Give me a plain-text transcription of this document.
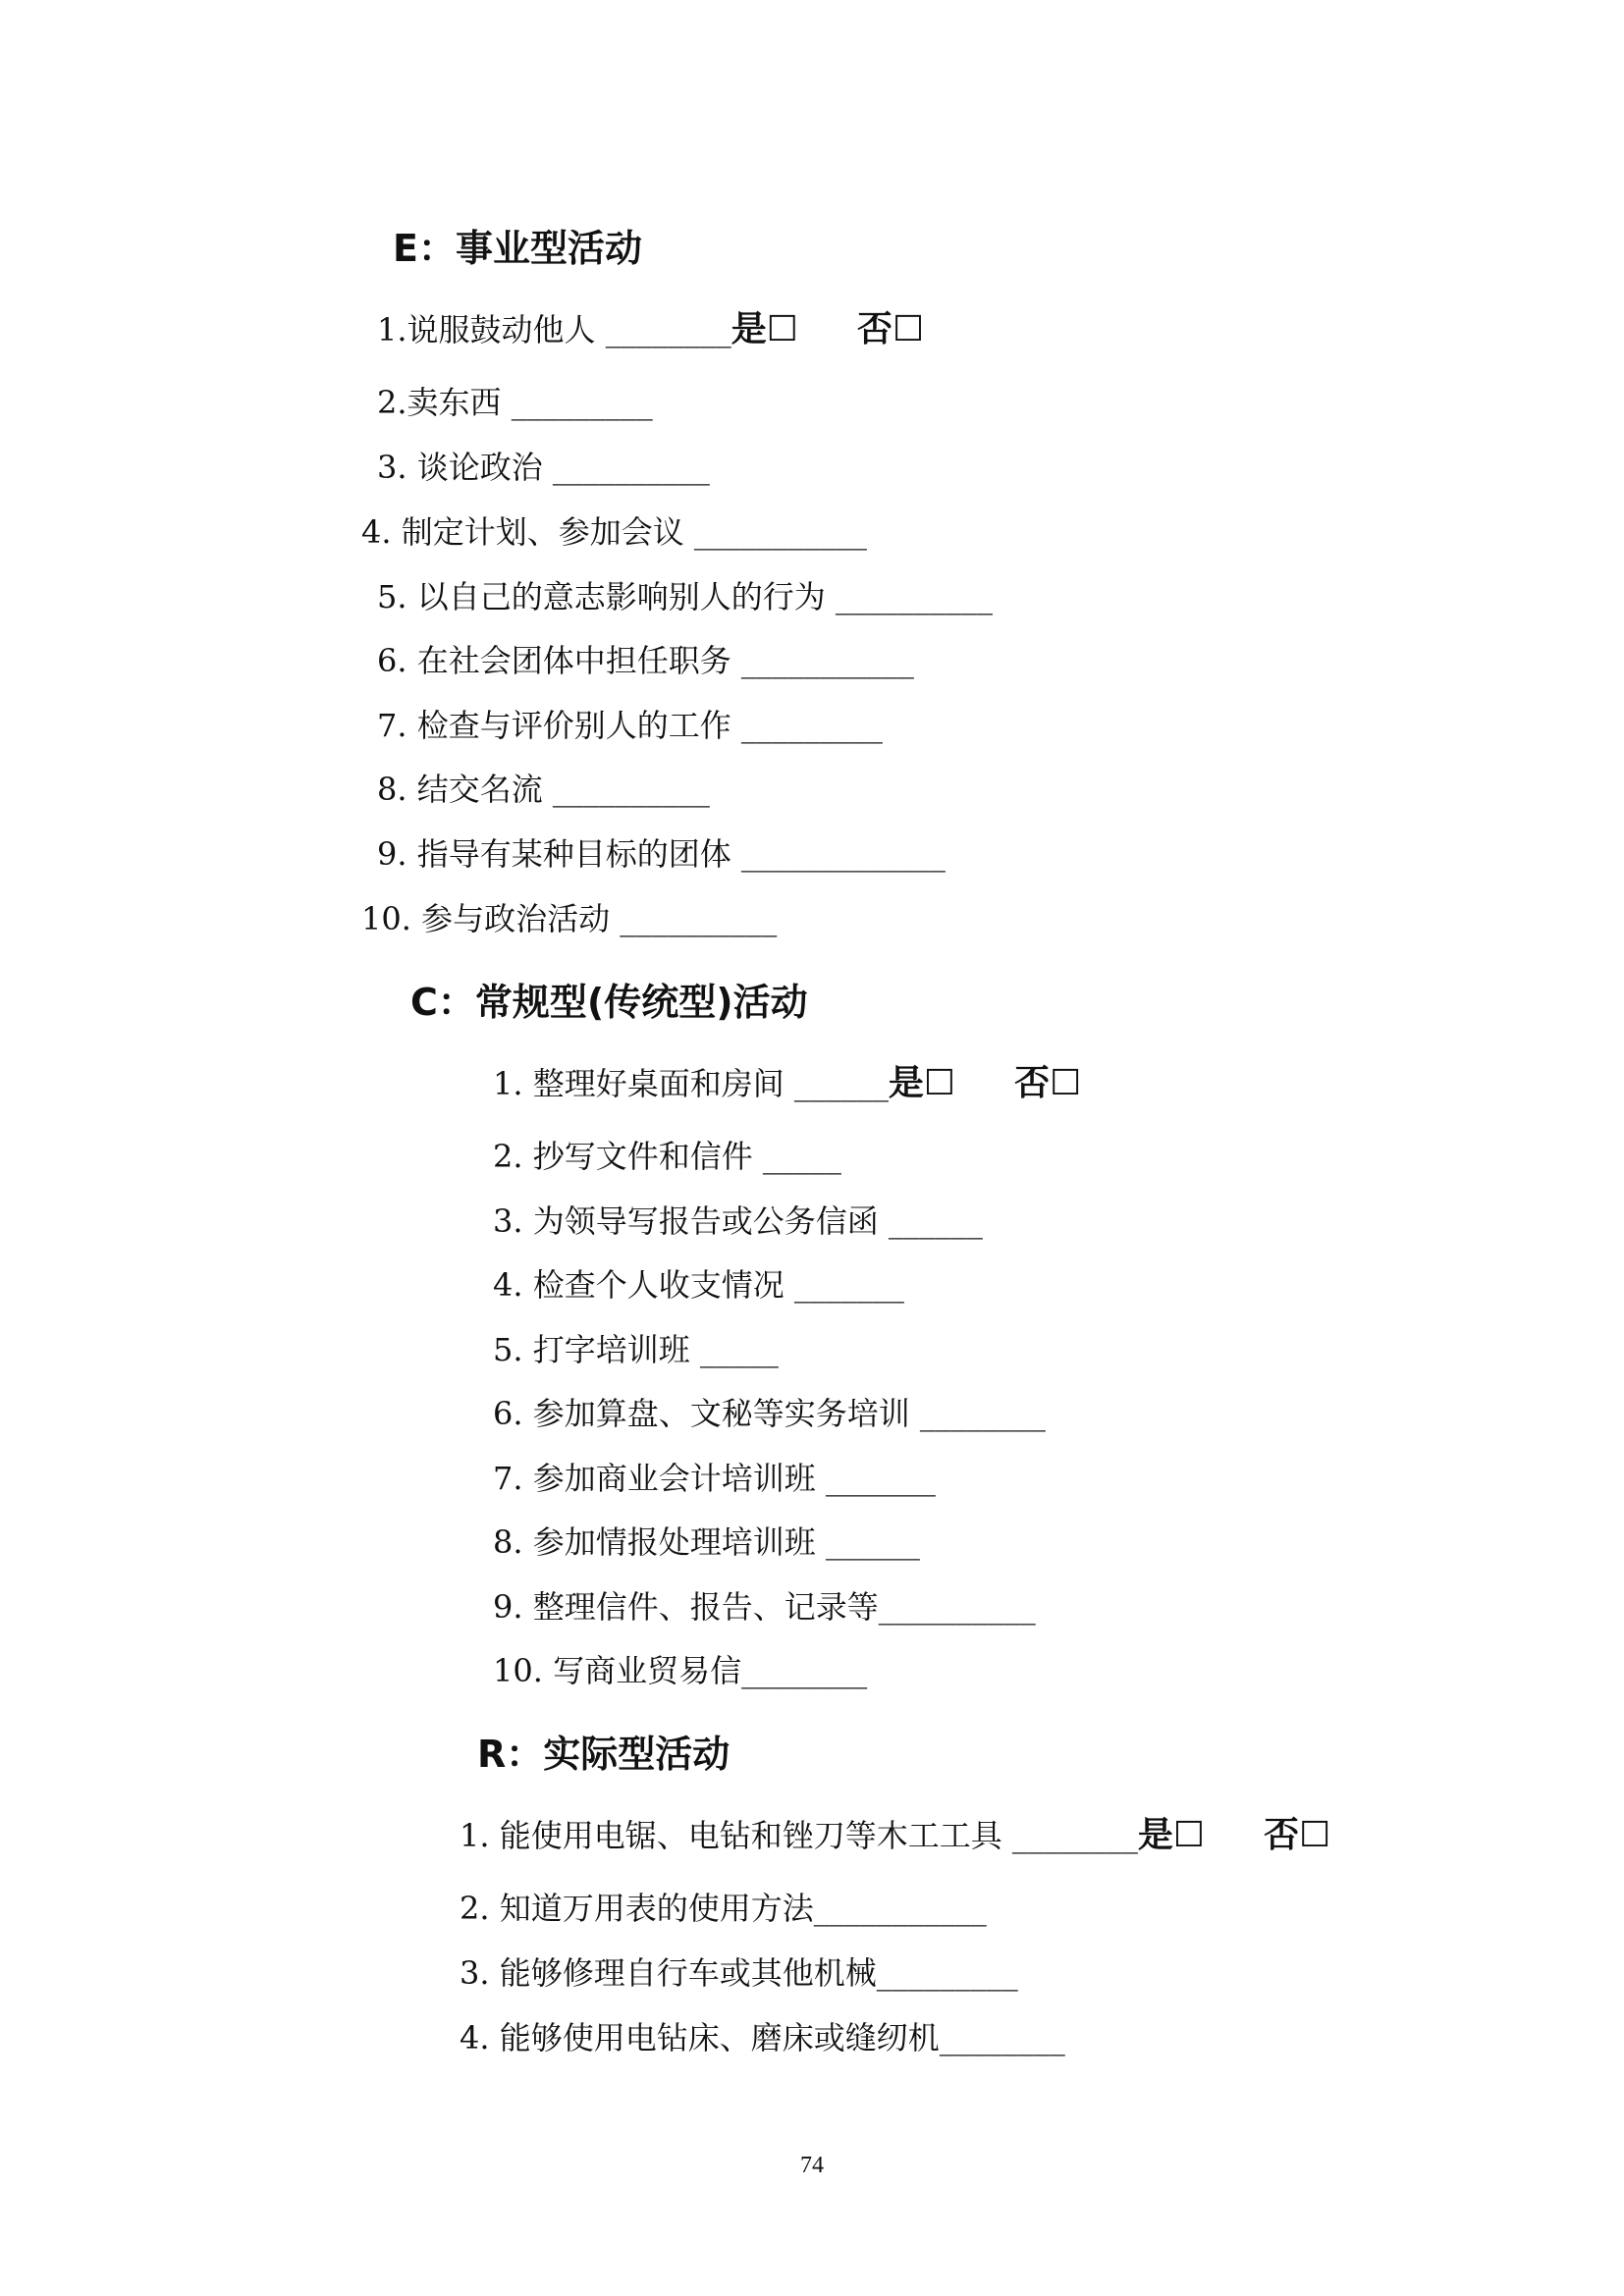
E：事业型活动
1.说服鼓动他人 ________是☐ 否☐
2.卖东西 _________
3. 谈论政治 __________
4. 制定计划、参加会议 ___________
5. 以自己的意志影响别人的行为 __________
6. 在社会团体中担任职务 ___________
7. 检查与评价别人的工作 _________
8. 结交名流 __________
9. 指导有某种目标的团体 _____________
10. 参与政治活动 __________
C：常规型(传统型)活动
1. 整理好桌面和房间 ______是☐ 否☐
2. 抄写文件和信件 _____
3. 为领导写报告或公务信函 ______
4. 检查个人收支情况 _______
5. 打字培训班 _____
6. 参加算盘、文秘等实务培训 ________
7. 参加商业会计培训班 _______
8. 参加情报处理培训班 ______
9. 整理信件、报告、记录等__________
10. 写商业贸易信________
R：实际型活动
1. 能使用电锯、电钻和锉刀等木工工具 ________是☐ 否☐
2. 知道万用表的使用方法___________
3. 能够修理自行车或其他机械_________
4. 能够使用电钻床、磨床或缝纫机________
74
